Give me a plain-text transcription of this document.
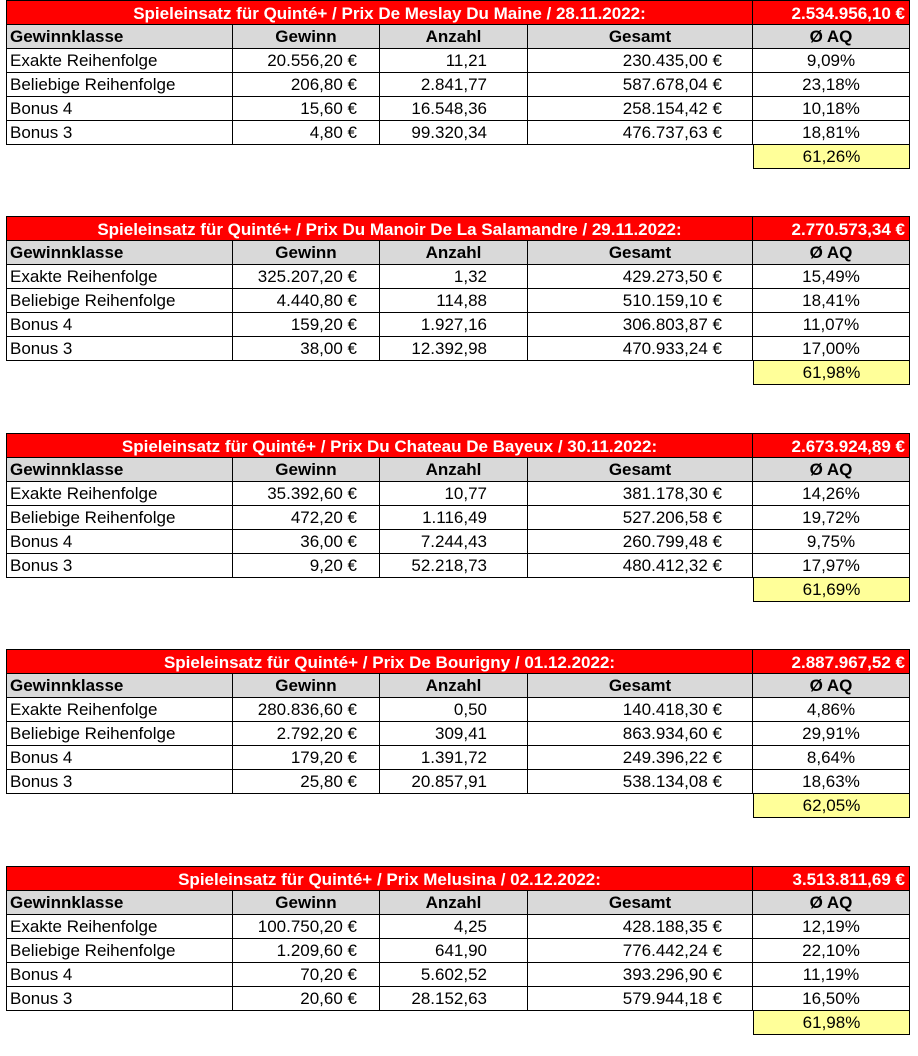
Spieleinsatz für Quinté+ / Prix De Meslay Du Maine / 28.11.2022:	2.534.956,10 €
Gewinnklasse	Gewinn	Anzahl	Gesamt	Ø AQ
Exakte Reihenfolge	20.556,20 €	11,21	230.435,00 €	9,09%
Beliebige Reihenfolge	206,80 €	2.841,77	587.678,04 €	23,18%
Bonus 4	15,60 €	16.548,36	258.154,42 €	10,18%
Bonus 3	4,80 €	99.320,34	476.737,63 €	18,81%
61,26%
Spieleinsatz für Quinté+ / Prix Du Manoir De La Salamandre / 29.11.2022:	2.770.573,34 €
Gewinnklasse	Gewinn	Anzahl	Gesamt	Ø AQ
Exakte Reihenfolge	325.207,20 €	1,32	429.273,50 €	15,49%
Beliebige Reihenfolge	4.440,80 €	114,88	510.159,10 €	18,41%
Bonus 4	159,20 €	1.927,16	306.803,87 €	11,07%
Bonus 3	38,00 €	12.392,98	470.933,24 €	17,00%
61,98%
Spieleinsatz für Quinté+ / Prix Du Chateau De Bayeux / 30.11.2022:	2.673.924,89 €
Gewinnklasse	Gewinn	Anzahl	Gesamt	Ø AQ
Exakte Reihenfolge	35.392,60 €	10,77	381.178,30 €	14,26%
Beliebige Reihenfolge	472,20 €	1.116,49	527.206,58 €	19,72%
Bonus 4	36,00 €	7.244,43	260.799,48 €	9,75%
Bonus 3	9,20 €	52.218,73	480.412,32 €	17,97%
61,69%
Spieleinsatz für Quinté+ / Prix De Bourigny / 01.12.2022:	2.887.967,52 €
Gewinnklasse	Gewinn	Anzahl	Gesamt	Ø AQ
Exakte Reihenfolge	280.836,60 €	0,50	140.418,30 €	4,86%
Beliebige Reihenfolge	2.792,20 €	309,41	863.934,60 €	29,91%
Bonus 4	179,20 €	1.391,72	249.396,22 €	8,64%
Bonus 3	25,80 €	20.857,91	538.134,08 €	18,63%
62,05%
Spieleinsatz für Quinté+ / Prix Melusina / 02.12.2022:	3.513.811,69 €
Gewinnklasse	Gewinn	Anzahl	Gesamt	Ø AQ
Exakte Reihenfolge	100.750,20 €	4,25	428.188,35 €	12,19%
Beliebige Reihenfolge	1.209,60 €	641,90	776.442,24 €	22,10%
Bonus 4	70,20 €	5.602,52	393.296,90 €	11,19%
Bonus 3	20,60 €	28.152,63	579.944,18 €	16,50%
61,98%
